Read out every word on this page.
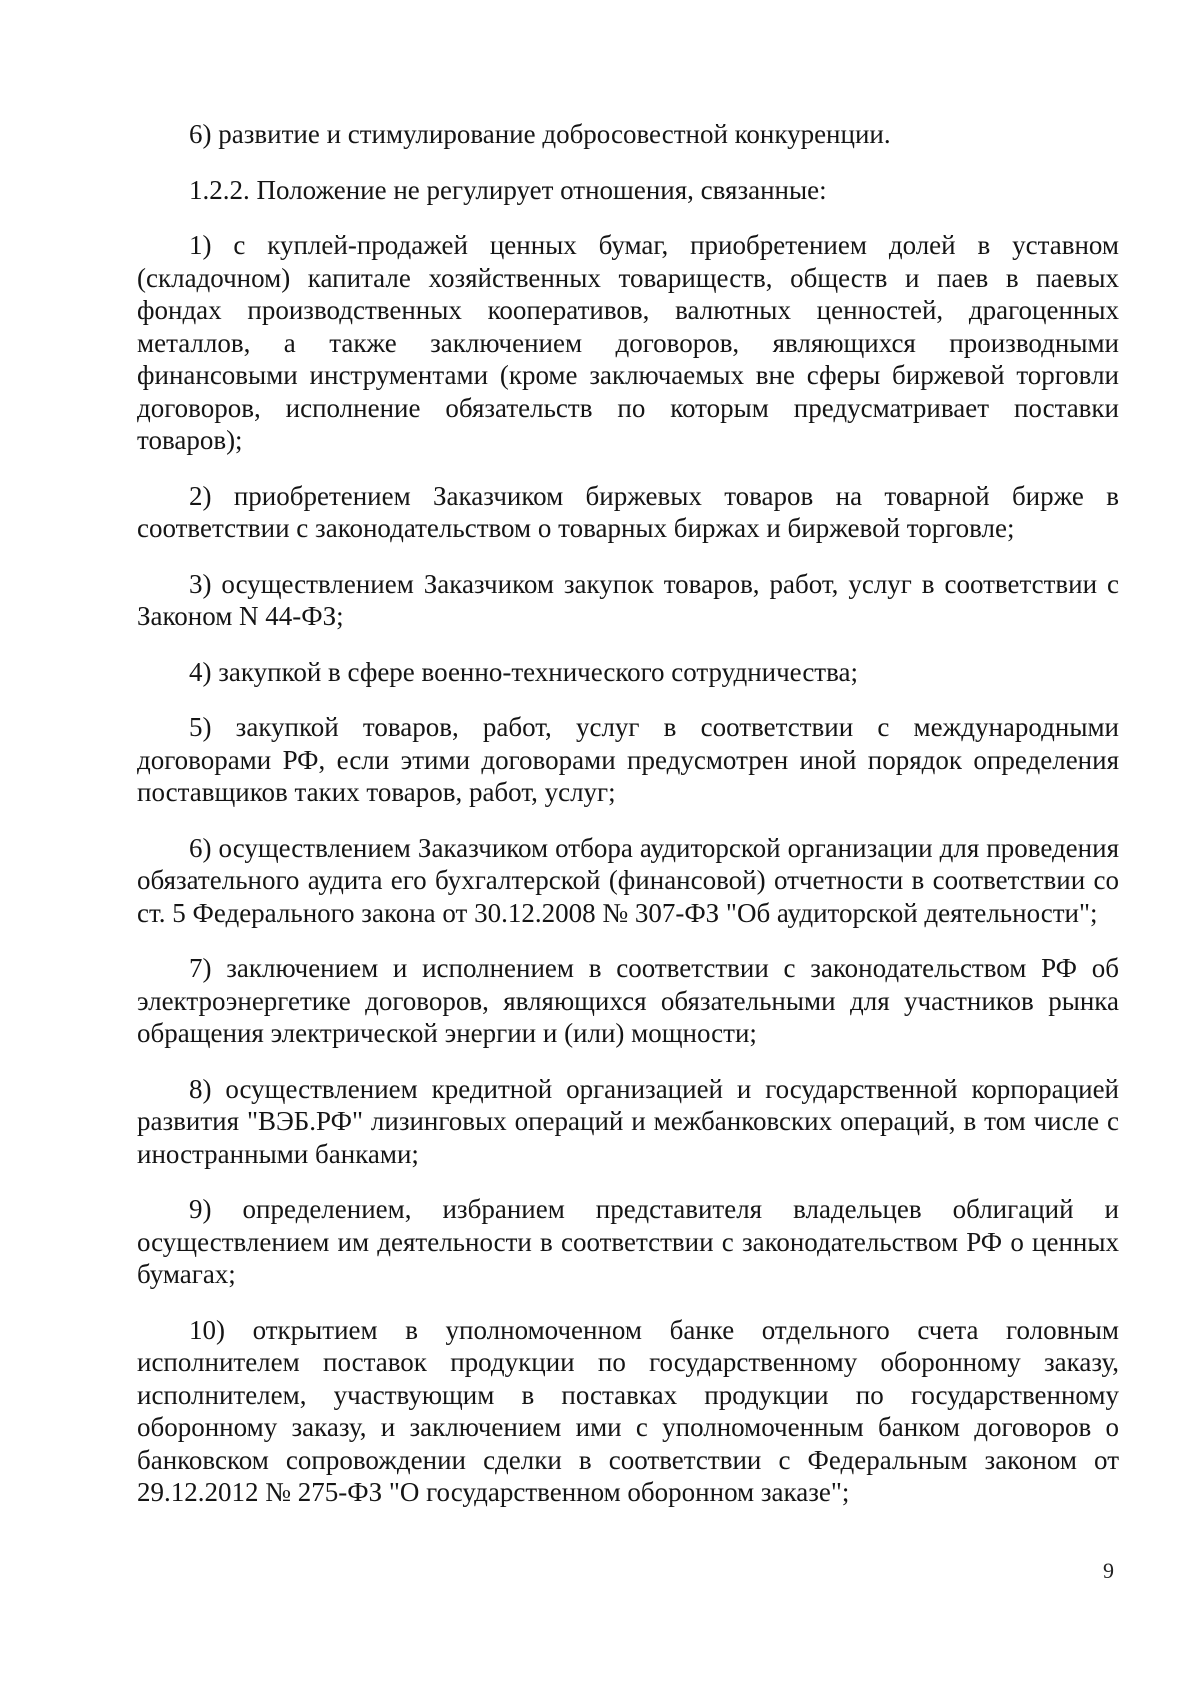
6) развитие и стимулирование добросовестной конкуренции.

1.2.2. Положение не регулирует отношения, связанные:

1) с куплей-продажей ценных бумаг, приобретением долей в уставном (складочном) капитале хозяйственных товариществ, обществ и паев в паевых фондах производственных кооперативов, валютных ценностей, драгоценных металлов, а также заключением договоров, являющихся производными финансовыми инструментами (кроме заключаемых вне сферы биржевой торговли договоров, исполнение обязательств по которым предусматривает поставки товаров);

2) приобретением Заказчиком биржевых товаров на товарной бирже в соответствии с законодательством о товарных биржах и биржевой торговле;

3) осуществлением Заказчиком закупок товаров, работ, услуг в соответствии с Законом N 44-ФЗ;

4) закупкой в сфере военно-технического сотрудничества;

5) закупкой товаров, работ, услуг в соответствии с международными договорами РФ, если этими договорами предусмотрен иной порядок определения поставщиков таких товаров, работ, услуг;

6) осуществлением Заказчиком отбора аудиторской организации для проведения обязательного аудита его бухгалтерской (финансовой) отчетности в соответствии со ст. 5 Федерального закона от 30.12.2008 № 307-ФЗ "Об аудиторской деятельности";

7) заключением и исполнением в соответствии с законодательством РФ об электроэнергетике договоров, являющихся обязательными для участников рынка обращения электрической энергии и (или) мощности;

8) осуществлением кредитной организацией и государственной корпорацией развития "ВЭБ.РФ" лизинговых операций и межбанковских операций, в том числе с иностранными банками;

9) определением, избранием представителя владельцев облигаций и осуществлением им деятельности в соответствии с законодательством РФ о ценных бумагах;

10) открытием в уполномоченном банке отдельного счета головным исполнителем поставок продукции по государственному оборонному заказу, исполнителем, участвующим в поставках продукции по государственному оборонному заказу, и заключением ими с уполномоченным банком договоров о банковском сопровождении сделки в соответствии с Федеральным законом от 29.12.2012 № 275-ФЗ "О государственном оборонном заказе";

9
